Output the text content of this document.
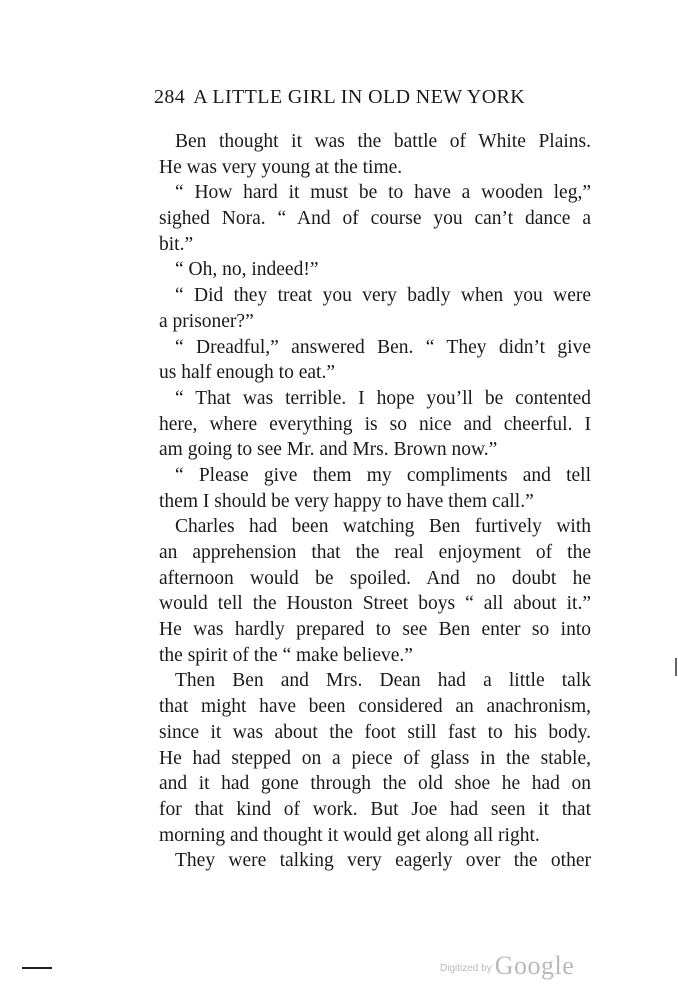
284 A LITTLE GIRL IN OLD NEW YORK
Ben thought it was the battle of White Plains.
He was very young at the time.
“ How hard it must be to have a wooden leg,”
sighed Nora. “ And of course you can’t dance a
bit.”
“ Oh, no, indeed!”
“ Did they treat you very badly when you were
a prisoner?”
“ Dreadful,” answered Ben. “ They didn’t give
us half enough to eat.”
“ That was terrible. I hope you’ll be contented
here, where everything is so nice and cheerful. I
am going to see Mr. and Mrs. Brown now.”
“ Please give them my compliments and tell
them I should be very happy to have them call.”
Charles had been watching Ben furtively with
an apprehension that the real enjoyment of the
afternoon would be spoiled. And no doubt he
would tell the Houston Street boys “ all about it.”
He was hardly prepared to see Ben enter so into
the spirit of the “ make believe.”
Then Ben and Mrs. Dean had a little talk
that might have been considered an anachronism,
since it was about the foot still fast to his body.
He had stepped on a piece of glass in the stable,
and it had gone through the old shoe he had on
for that kind of work. But Joe had seen it that
morning and thought it would get along all right.
They were talking very eagerly over the other
Digitized by Google
